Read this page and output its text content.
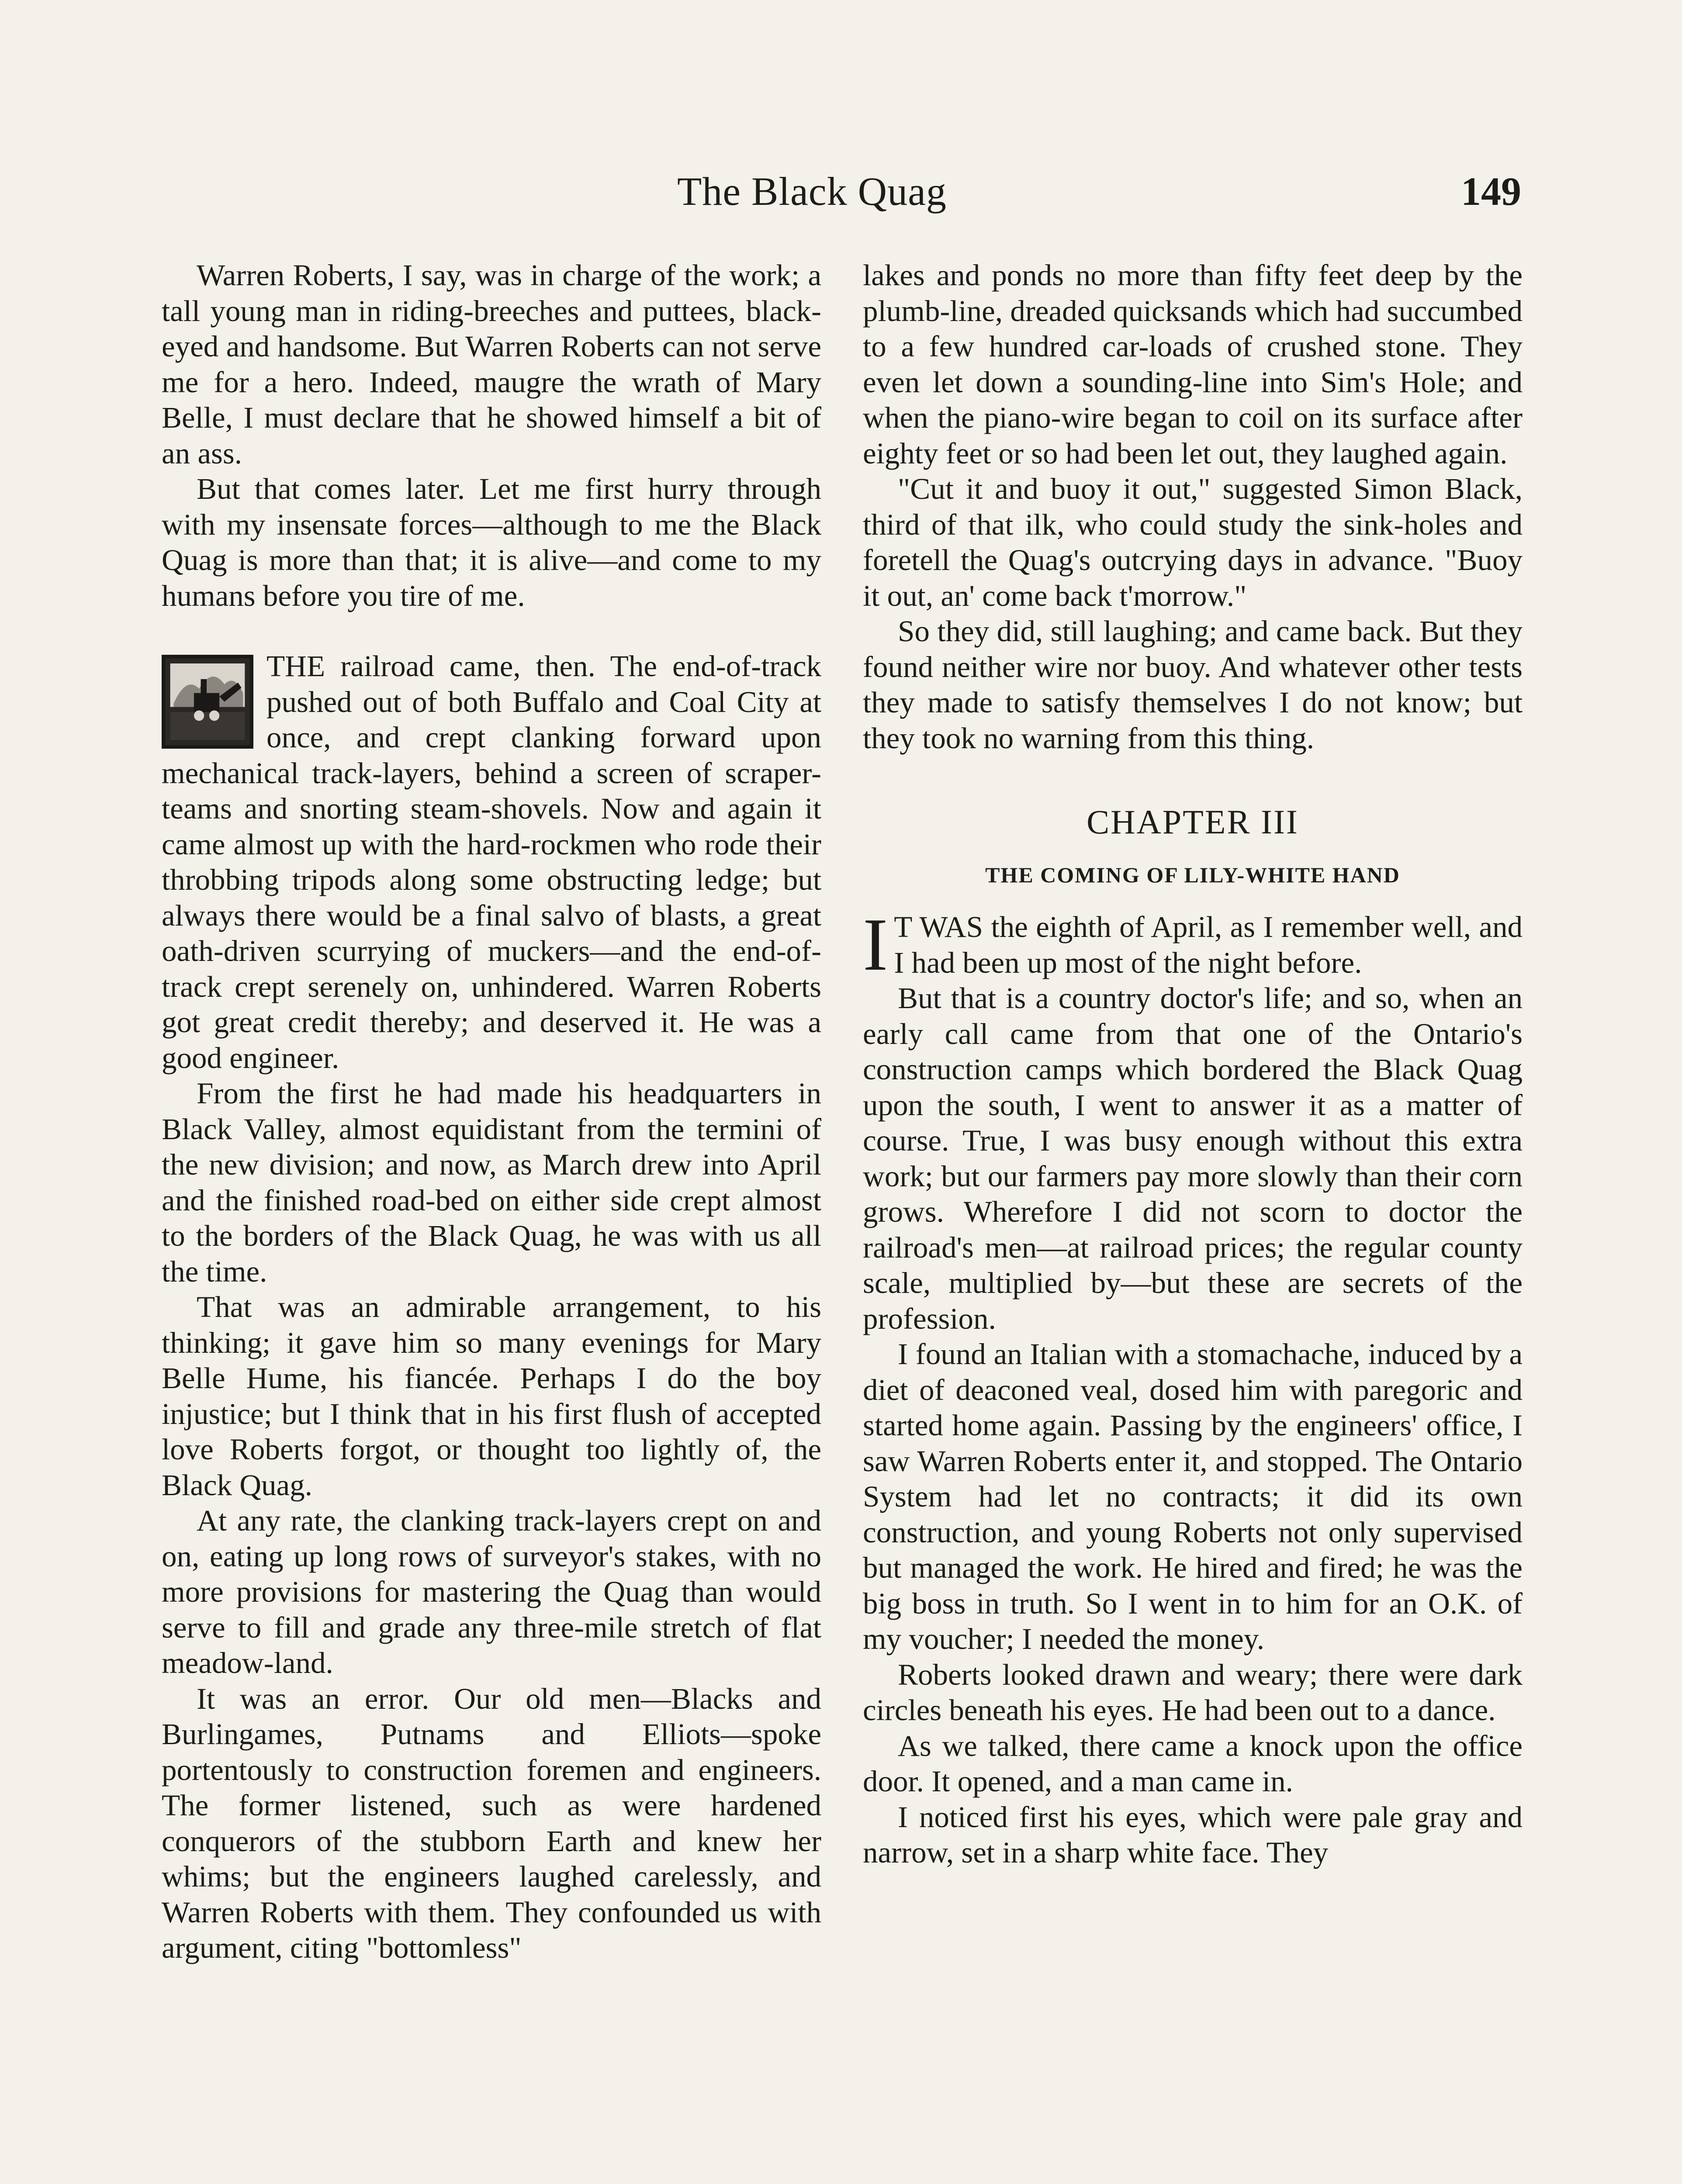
The Black Quag	149

Warren Roberts, I say, was in charge of the work; a tall young man in riding-breeches and puttees, black-eyed and handsome. But Warren Roberts can not serve me for a hero. Indeed, maugre the wrath of Mary Belle, I must declare that he showed himself a bit of an ass.

But that comes later. Let me first hurry through with my insensate forces—although to me the Black Quag is more than that; it is alive—and come to my humans before you tire of me.

THE railroad came, then. The end-of-track pushed out of both Buffalo and Coal City at once, and crept clanking forward upon mechanical track-layers, behind a screen of scraper-teams and snorting steam-shovels. Now and again it came almost up with the hard-rockmen who rode their throbbing tripods along some obstructing ledge; but always there would be a final salvo of blasts, a great oath-driven scurrying of muckers—and the end-of-track crept serenely on, unhindered. Warren Roberts got great credit thereby; and deserved it. He was a good engineer.

From the first he had made his headquarters in Black Valley, almost equidistant from the termini of the new division; and now, as March drew into April and the finished road-bed on either side crept almost to the borders of the Black Quag, he was with us all the time.

That was an admirable arrangement, to his thinking; it gave him so many evenings for Mary Belle Hume, his fiancée. Perhaps I do the boy injustice; but I think that in his first flush of accepted love Roberts forgot, or thought too lightly of, the Black Quag.

At any rate, the clanking track-layers crept on and on, eating up long rows of surveyor's stakes, with no more provisions for mastering the Quag than would serve to fill and grade any three-mile stretch of flat meadow-land.

It was an error. Our old men—Blacks and Burlingames, Putnams and Elliots—spoke portentously to construction foremen and engineers. The former listened, such as were hardened conquerors of the stubborn Earth and knew her whims; but the engineers laughed carelessly, and Warren Roberts with them. They confounded us with argument, citing "bottomless"

lakes and ponds no more than fifty feet deep by the plumb-line, dreaded quicksands which had succumbed to a few hundred car-loads of crushed stone. They even let down a sounding-line into Sim's Hole; and when the piano-wire began to coil on its surface after eighty feet or so had been let out, they laughed again.

"Cut it and buoy it out," suggested Simon Black, third of that ilk, who could study the sink-holes and foretell the Quag's outcrying days in advance. "Buoy it out, an' come back t'morrow."

So they did, still laughing; and came back. But they found neither wire nor buoy. And whatever other tests they made to satisfy themselves I do not know; but they took no warning from this thing.

CHAPTER III
THE COMING OF LILY-WHITE HAND
I T WAS the eighth of April, as I remember well, and I had been up most of the night before.

But that is a country doctor's life; and so, when an early call came from that one of the Ontario's construction camps which bordered the Black Quag upon the south, I went to answer it as a matter of course. True, I was busy enough without this extra work; but our farmers pay more slowly than their corn grows. Wherefore I did not scorn to doctor the railroad's men—at railroad prices; the regular county scale, multiplied by—but these are secrets of the profession.

I found an Italian with a stomachache, induced by a diet of deaconed veal, dosed him with paregoric and started home again. Passing by the engineers' office, I saw Warren Roberts enter it, and stopped. The Ontario System had let no contracts; it did its own construction, and young Roberts not only supervised but managed the work. He hired and fired; he was the big boss in truth. So I went in to him for an O.K. of my voucher; I needed the money.

Roberts looked drawn and weary; there were dark circles beneath his eyes. He had been out to a dance.

As we talked, there came a knock upon the office door. It opened, and a man came in.

I noticed first his eyes, which were pale gray and narrow, set in a sharp white face. They
